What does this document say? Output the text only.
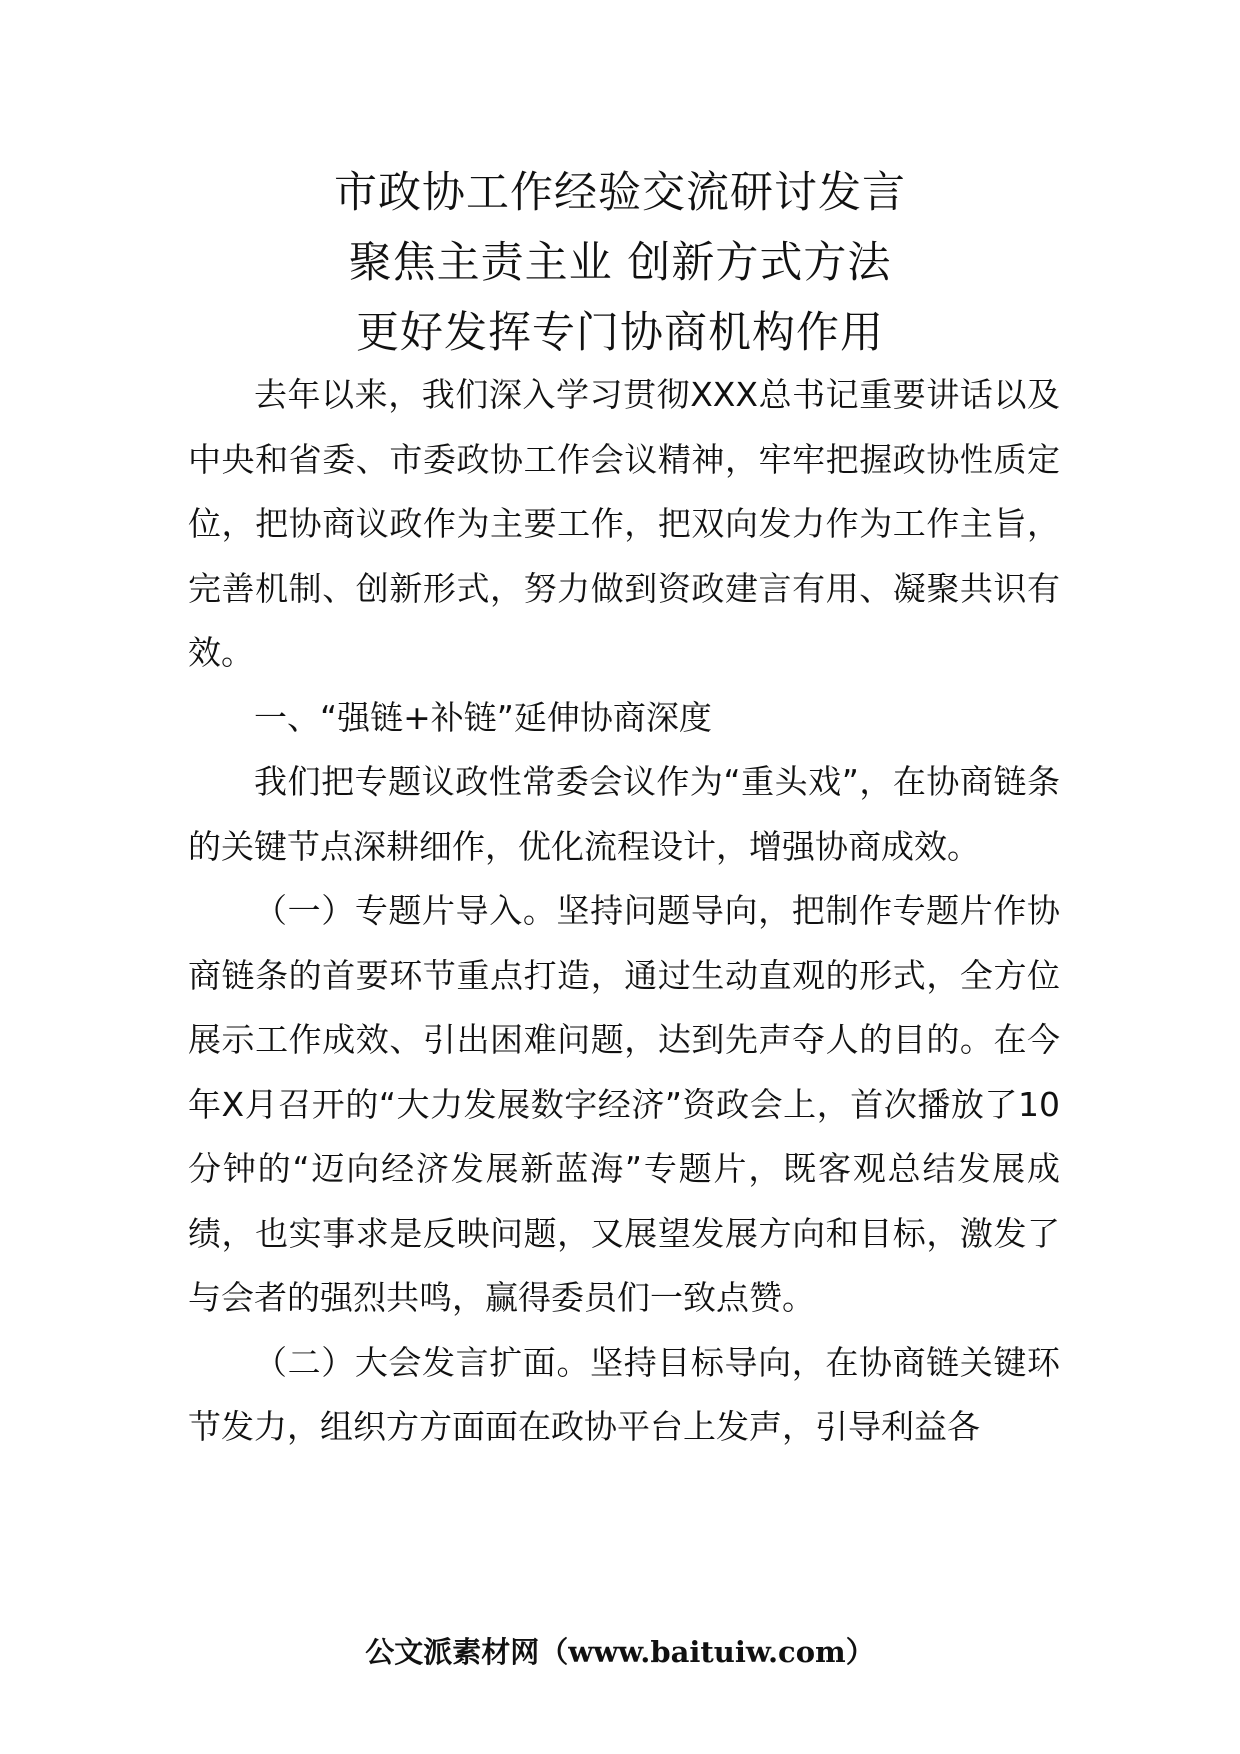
市政协工作经验交流研讨发言
聚焦主责主业 创新方式方法
更好发挥专门协商机构作用

去年以来，我们深入学习贯彻XXX总书记重要讲话以及中央和省委、市委政协工作会议精神，牢牢把握政协性质定位，把协商议政作为主要工作，把双向发力作为工作主旨，完善机制、创新形式，努力做到资政建言有用、凝聚共识有效。

一、“强链+补链”延伸协商深度

我们把专题议政性常委会议作为“重头戏”，在协商链条的关键节点深耕细作，优化流程设计，增强协商成效。

（一）专题片导入。坚持问题导向，把制作专题片作协商链条的首要环节重点打造，通过生动直观的形式，全方位展示工作成效、引出困难问题，达到先声夺人的目的。在今年X月召开的“大力发展数字经济”资政会上，首次播放了10分钟的“迈向经济发展新蓝海”专题片，既客观总结发展成绩，也实事求是反映问题，又展望发展方向和目标，激发了与会者的强烈共鸣，赢得委员们一致点赞。

（二）大会发言扩面。坚持目标导向，在协商链关键环节发力，组织方方面面在政协平台上发声，引导利益各

公文派素材网（www.baituiw.com）
